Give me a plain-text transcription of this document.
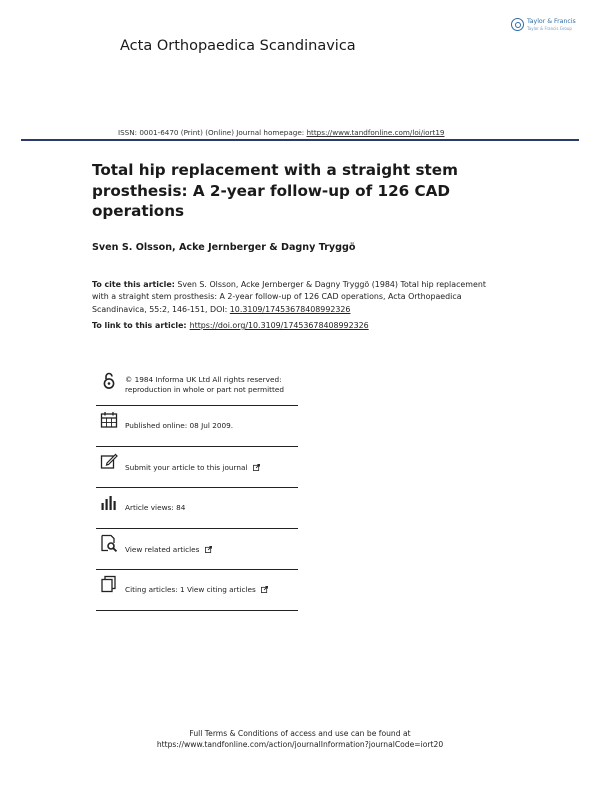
Acta Orthopaedica Scandinavica
Taylor & Francis
Taylor & Francis Group
ISSN: 0001-6470 (Print) (Online) Journal homepage: https://www.tandfonline.com/loi/iort19
Total hip replacement with a straight stem prosthesis: A 2-year follow-up of 126 CAD operations
Sven S. Olsson, Acke Jernberger & Dagny Tryggö
To cite this article: Sven S. Olsson, Acke Jernberger & Dagny Tryggö (1984) Total hip replacement with a straight stem prosthesis: A 2-year follow-up of 126 CAD operations, Acta Orthopaedica Scandinavica, 55:2, 146-151, DOI: 10.3109/17453678408992326
To link to this article: https://doi.org/10.3109/17453678408992326
© 1984 Informa UK Ltd All rights reserved:
reproduction in whole or part not permitted
Published online: 08 Jul 2009.
Submit your article to this journal
Article views: 84
View related articles
Citing articles: 1 View citing articles
Full Terms & Conditions of access and use can be found at
https://www.tandfonline.com/action/journalInformation?journalCode=iort20
